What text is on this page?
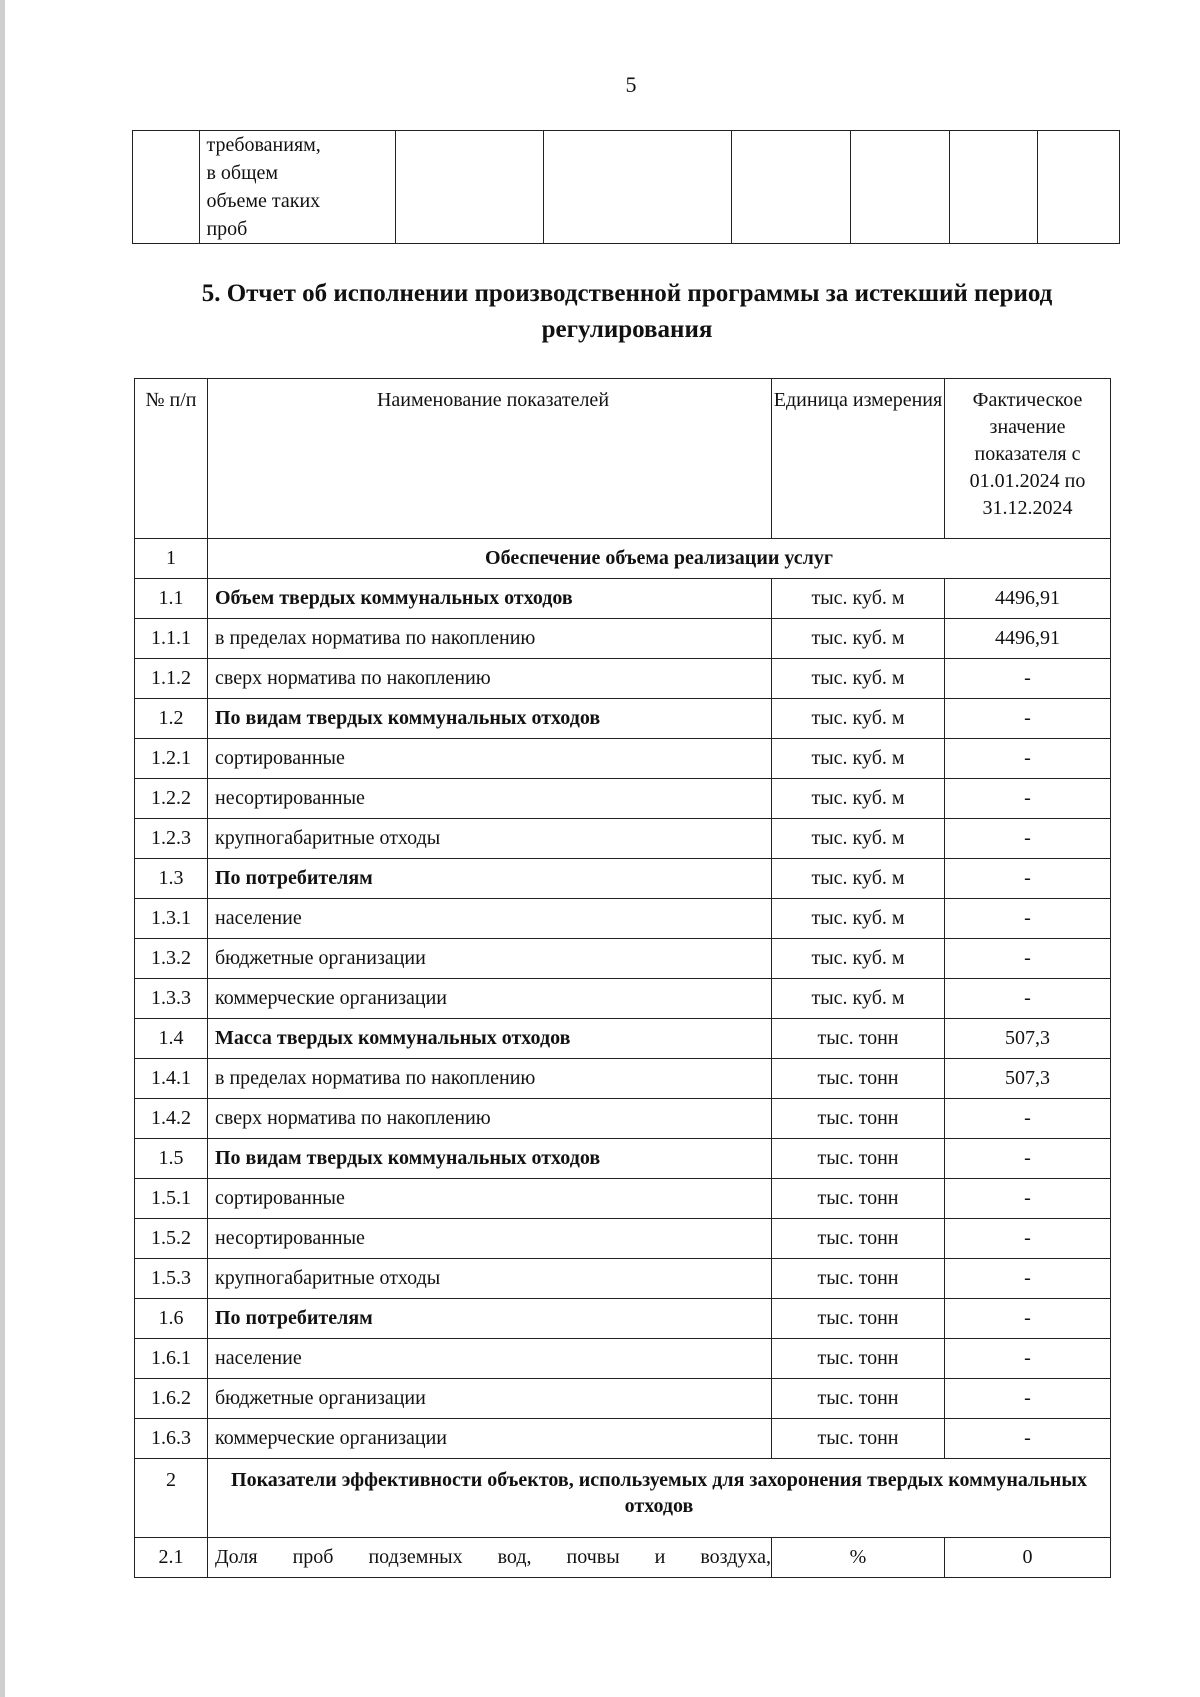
5
	требованиям,
в общем
объеме таких
проб						
5. Отчет об исполнении производственной программы за истекший период регулирования
№ п/п	Наименование показателей	Единица измерения	Фактическое значение показателя с 01.01.2024 по 31.12.2024
1	Обеспечение объема реализации услуг		
1.1	Объем твердых коммунальных отходов	тыс. куб. м	4496,91
1.1.1	в пределах норматива по накоплению	тыс. куб. м	4496,91
1.1.2	сверх норматива по накоплению	тыс. куб. м	-
1.2	По видам твердых коммунальных отходов	тыс. куб. м	-
1.2.1	сортированные	тыс. куб. м	-
1.2.2	несортированные	тыс. куб. м	-
1.2.3	крупногабаритные отходы	тыс. куб. м	-
1.3	По потребителям	тыс. куб. м	-
1.3.1	население	тыс. куб. м	-
1.3.2	бюджетные организации	тыс. куб. м	-
1.3.3	коммерческие организации	тыс. куб. м	-
1.4	Масса твердых коммунальных отходов	тыс. тонн	507,3
1.4.1	в пределах норматива по накоплению	тыс. тонн	507,3
1.4.2	сверх норматива по накоплению	тыс. тонн	-
1.5	По видам твердых коммунальных отходов	тыс. тонн	-
1.5.1	сортированные	тыс. тонн	-
1.5.2	несортированные	тыс. тонн	-
1.5.3	крупногабаритные отходы	тыс. тонн	-
1.6	По потребителям	тыс. тонн	-
1.6.1	население	тыс. тонн	-
1.6.2	бюджетные организации	тыс. тонн	-
1.6.3	коммерческие организации	тыс. тонн	-
2	Показатели эффективности объектов, используемых для захоронения твердых коммунальных отходов		
2.1	Доля проб подземных вод, почвы и воздуха,	%	0
